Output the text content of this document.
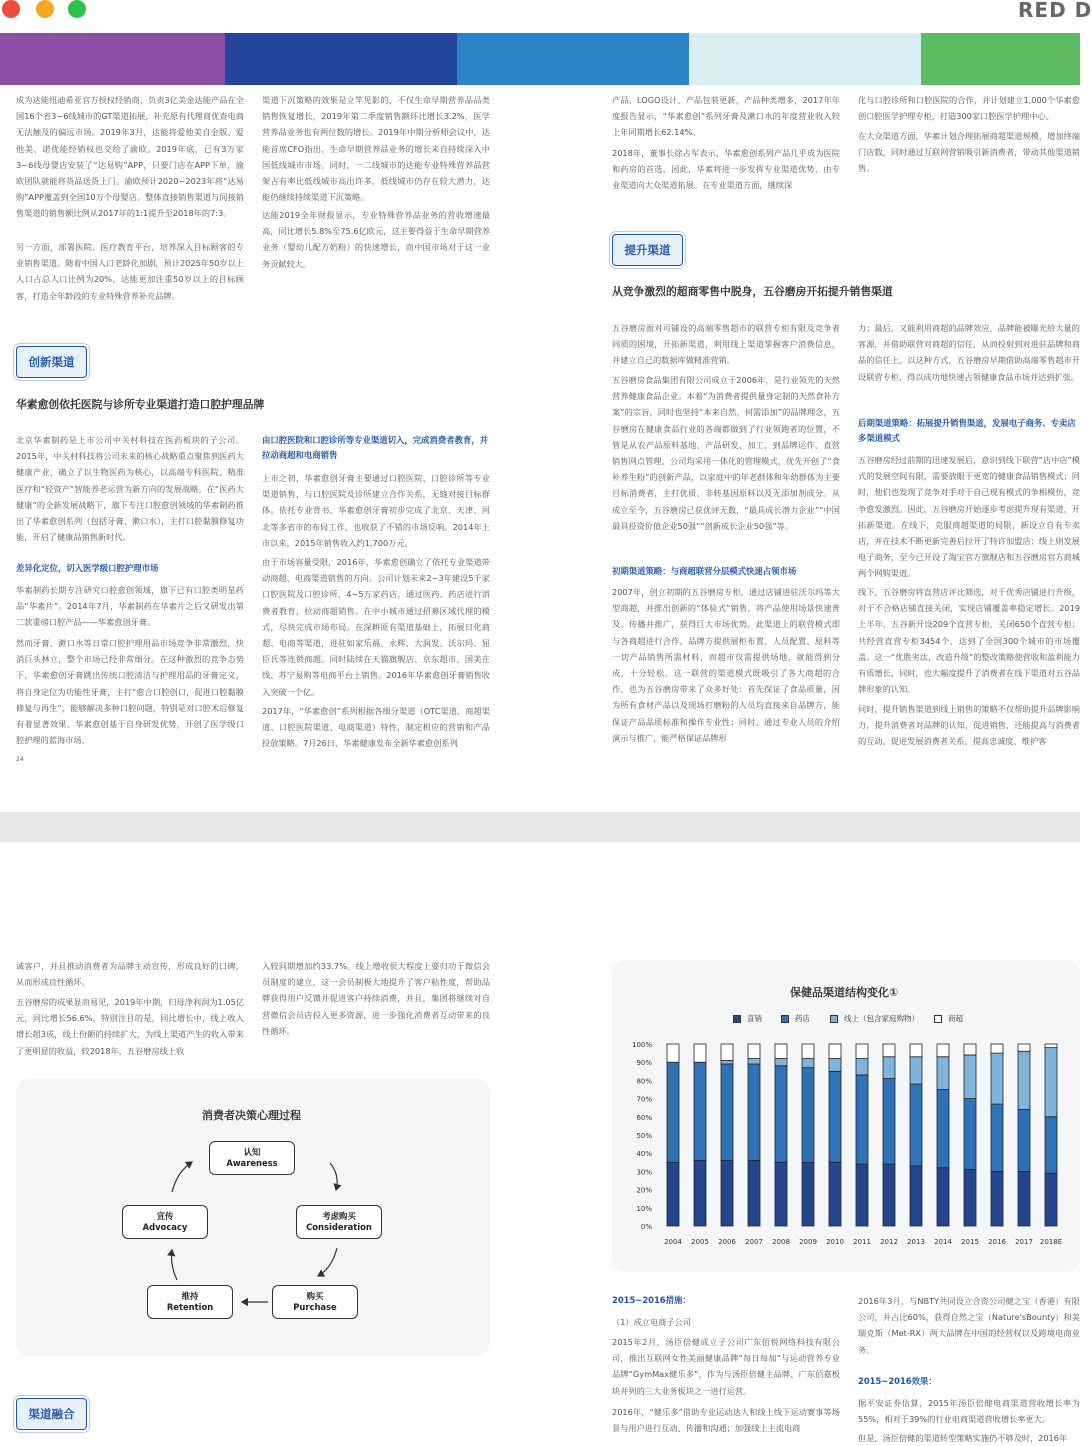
RED D
成为达能纽迪希亚官方授权经销商，负责3亿美金达能产品在全国16个省3~6线城市的GT渠道拓展，补充原有代理商优查电商无法触及的偏远市场。2019年3月，达能将爱他美自金版、爱他美、诺优能经销权也交给了渝欧。2019年底，已有3万家3~6线母婴店安装了“达易购”APP，只要门店在APP下单，渝欧团队就能将货品送货上门。渝欧预计2020~2023年将“达易购”APP覆盖到全国10万个母婴店。整体直接销售渠道与间接销售渠道的销售额比例从2017年的1:1提升至2018年的7:3。
另一方面，部署医院、医疗教育平台，培养深入目标顾客的专业销售渠道。随着中国人口老龄化加剧，预计2025年50岁以上人口占总人口比例为20%，达能更加注重50岁以上的目标顾客，打造全年龄段的专业特殊营养补充品牌。
渠道下沉策略的效果是立竿见影的，不仅生命早期营养品品类销售恢复增长，2019年第二季度销售额环比增长3.2%，医学营养品业务也有两位数的增长。2019年中期分析师会议中，达能首席CFO指出，生命早期营养品业务的增长来自持续深入中国低线城市市场。同时，一二线城市的达能专业特殊营养品营架占有率比低线城市高出许多，低线城市仍存在较大潜力，达能仍继续持续渠道下沉策略。
达能2019全年财报显示，专业特殊营养品业务的营收增速最高，同比增长5.8%至75.6亿欧元，这主要得益于生命早期营养业务（婴幼儿配方奶粉）的快速增长，而中国市场对于这一业务贡献较大。
创新渠道
华素愈创依托医院与诊所专业渠道打造口腔护理品牌
北京华素制药是上市公司中关村科技在医药板块的子公司。2015年，中关村科技将公司未来的核心战略重点聚焦到医药大健康产业，确立了以生物医药为核心，以高端专科医院、精准医疗和“轻资产”智能养老运营为新方向的发展战略。在“医药大健康”的全新发展战略下，旗下专注口腔愈创领域的华素制药推出了华素愈创系列（包括牙膏、漱口水），主打口腔黏膜修复功能，开启了健康品销售新时代。
差异化定位，切入医学级口腔护理市场
华素制药长期专注研究口腔愈创领域，旗下已有口腔类明星药品“华素片”。2014年7月，华素制药在华素片之后又研发出第二款重磅口腔产品——华素愈创牙膏。
然而牙膏、漱口水等日常口腔护理用品市场竞争非常激烈，快消巨头林立，整个市场已经非常细分。在这种激烈的竞争态势下，华素愈创牙膏跳出传统口腔清洁与护理用品的牙膏定义，将自身定位为功能性牙膏，主打“愈合口腔创口，促进口腔黏膜修复与再生”，能够解决多种口腔问题，特别是对口腔术后修复有着显著效果。华素愈创基于自身研发优势，开创了医学级口腔护理的蓝海市场。
由口腔医院和口腔诊所等专业渠道切入，完成消费者教育，并拉动商超和电商销售
上市之初，华素愈创牙膏主要通过口腔医院、口腔诊所等专业渠道销售，与口腔医院及诊所建立合作关系，无缝对接目标群体。依托专业背书，华素愈创牙膏初步完成了北京、天津、河北等多省市的布局工作，也收获了不错的市场反响。2014年上市以来，2015年销售收入约1,700万元。
由于市场容量受限，2016年，华素愈创确立了依托专业渠道带动商超、电商渠道销售的方向。公司计划未来2~3年建设5千家口腔医院及口腔诊所、4~5万家药店，通过医药、药店进行消费者教育，拉动商超销售。在中小城市通过招募区域代理的模式，尽快完成市场布局。在深耕原有渠道基础上，拓展日化商超、电商等渠道，进驻如家乐福、永辉、大润发、沃尔玛、屈臣氏等连锁商超。同时陆续在天猫旗舰店、京东超市、国美在线、苏宁易购等电商平台上销售。2016年华素愈创牙膏销售收入突破一个亿。
2017年，“华素愈创”系列根据各细分渠道（OTC渠道、商超渠道、口腔医院渠道、电商渠道）特性，制定相应的营销和产品投放策略。7月26日，华素健康发布全新华素愈创系列
24
产品、LOGO设计、产品包装更新，产品种类增多，2017年年度报告显示，“华素愈创”系列牙膏及漱口水的年度营业收入较上年同期增长62.14%。
2018年，董事长徐占军表示，华素愈创系列产品几乎成为医院和药房的首选，因此，华素将进一步发挥专业渠道优势，由专业渠道向大众渠道拓展。在专业渠道方面，继续深
化与口腔诊所和口腔医院的合作，并计划建立1,000个华素愈创口腔医学护理专柜，打造300家口腔医学护理中心。
在大众渠道方面，华素计划合理拓展商超渠道规模，增加终端门店数，同时通过互联网营销吸引新消费者，带动其他渠道销售。
提升渠道
从竞争激烈的超商零售中脱身，五谷磨房开拓提升销售渠道
五谷磨房面对可铺设的高端零售超市的联营专柜有限及竞争者同质的困境，开拓新渠道，利用线上渠道掌握客户消费信息，并建立自己的数据库做精准营销。
五谷磨房食品集团有限公司成立于2006年，是行业领先的天然营养健康食品企业。本着“为消费者提供量身定制的天然食补方案”的宗旨，同时也坚持“本来自然，何需添加”的品牌理念，五谷磨房在健康食品行业的各端都做到了行业领跑者的位置，不管是从农产品原料基地、产品研发、加工，到品牌运作、直营销售网点管理，公司均采用一体化的管理模式，优先开创了“食补养生粉”的创新产品，以家庭中的年老群体和年幼群体为主要目标消费者，主打优质、非转基因原料以及无添加剂成分。从成立至今，五谷磨房已获优评无数，“最具成长潜力企业”“中国最具投资价值企业50强”“创新成长企业50强”等。
初期渠道策略：与商超联营分层模式快速占领市场
2007年，创立初期的五谷磨房专柜，通过店铺进驻沃尔玛等大型商超，并推出创新的“体验式”销售，将产品使用场景快速普及、传播并推广，获得巨大市场优势。此渠道上的联营模式即与各商超进行合作，品牌方提供展柜布置、人员配置、原料等一切产品销售所需材料，而超市仅需提供场地，就能得到分成，十分轻松。这一联营的渠道模式既吸引了各大商超的合作，也为五谷磨房带来了众多好处：首先保证了食品质量，因为所有食材产品以及现场打磨粉的人员均直接来自品牌方，能保证产品品质标准和操作专业性；同时，通过专业人员的介绍演示与推广，能严格保证品牌形
力；最后，又能利用商超的品牌效应，品牌能被曝光给大量的客源，并借助联营对商超的信任，从而投射到对进驻品牌和商品的信任上。以这种方式，五谷磨房早期借助高端零售超市开设联营专柜，得以成功地快速占领健康食品市场并达到扩张。
后期渠道策略：拓展提升销售渠道，发展电子商务、专卖店多渠道模式
五谷磨房经过前期的迅速发展后，意识到线下联营“店中店”模式的发展空间有限，需要放眼于更宽的健康食品销售模式；同时，他们也发现了竞争对手对于自己现有模式的争相模仿，竞争愈发激烈。因此，五谷磨房开始逐步考虑提升现有渠道，开拓新渠道。在线下，克服商超渠道的局限，新设立自有专卖店，并在技术不断更新完善后拉开了特许加盟店；线上则发展电子商务，至今已开设了淘宝官方旗舰店和五谷磨房官方商城两个网购渠道。
线下，五谷磨房将直营店评比筛选，对于优秀店铺进行升级，对于不合格店铺直接关闭，实现店铺覆盖率稳定增长。2019上半年，五谷新开设209个直营专柜，关闭650个直营专柜；共经营直营专柜3454个，达到了全国300个城市的市场覆盖。这一“优胜劣汰，改造升级”的整改策略使营收和盈利能力有质增长，同时，也大幅度提升了消费者在线下渠道对五谷品牌形象的认知。
同时，提升销售渠道到线上销售的策略不仅帮助提升品牌影响力，提升消费者对品牌的认知，促进销售，还能提高与消费者的互动，促进发展消费者关系，提高忠诚度，维护客
诚客户，并且推动消费者为品牌主动宣传，形成良好的口碑，从而形成良性循环。
五谷磨房的成果显而易见，2019年中期，归母净利润为1.05亿元，同比增长56.6%，特别注目的是，同比增长中，线上收入增长超3成，线上份额的持续扩大，为线上渠道产生的收入带来了更明显的收益，较2018年，五谷磨房线上收
入较同期增加约33.7%。线上增收很大程度上要归功于微信会员制度的建立，这一会员制极大地提升了客户粘性度，帮助品牌获得用户反馈并促进客户持续消费，并且，集团将继续对自营微信会员店投入更多资源，进一步强化消费者互动带来的良性循环。
消费者决策心理过程
认知
Awareness
考虑购买
Consideration
购买
Purchase
维持
Retention
宣传
Advocacy
渠道融合
保健品渠道结构变化①
直销	药店	线上（包含家庭购物）	商超
0%
10%
20%
30%
40%
50%
60%
70%
80%
90%
100%
2004 2005 2006 2007 2008 2009 2010 2011 2012 2013 2014 2015 2016 2017 2018E
2015~2016措施：
（1）成立电商子公司
2015年2月，汤臣倍健成立子公司广东佰悦网络科技有限公司，推出互联网女性美丽健康品牌“每日每加”与运动营养专业品牌“GymMax健乐多”，作为与汤臣倍健主品牌、广东佰嘉板块并列的三大业务板块之一进行运营。
2016年，“健乐多”借助专业运动达人和线上线下运动赛事等场景与用户进行互动、传播和沟通；加强线上主流电商
2016年3月，与NBTY共同设立合资公司健之宝（香港）有限公司，并占比60%，获得自然之宝（Nature'sBounty）和美瑞克斯（Met-RX）两大品牌在中国的经营权以及跨境电商业务。
2015~2016效果：
据平安证券估算，2015年汤臣倍健电商渠道营收增长率为55%，相对于39%的行业电商渠道营收增长率更大。
但是，汤臣倍健的渠道转型策略实施仍不够及时，2016年
